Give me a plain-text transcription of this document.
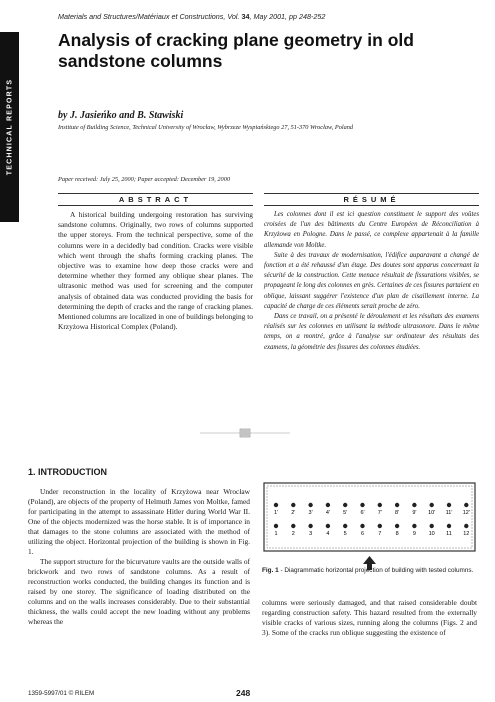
Materials and Structures/Matériaux et Constructions, Vol. 34, May 2001, pp 248-252
TECHNICAL REPORTS
Analysis of cracking plane geometry in old sandstone columns
by J. Jasieńko and B. Stawiski
Institute of Building Science, Technical University of Wrocław, Wybrzeze Wyspiańskiego 27, 51-370 Wrocław, Poland
Paper received: July 25, 2000; Paper accepted: December 19, 2000
ABSTRACT	RÉSUMÉ
A historical building undergoing restoration has surviving sandstone columns. Originally, two rows of columns supported the upper storeys. From the technical perspective, some of the columns were in a decidedly bad condition. Cracks were visible which went through the shafts forming cracking planes. The objective was to examine how deep those cracks were and determine whether they formed any oblique shear planes. The ultrasonic method was used for screening and the computer analysis of obtained data was conducted providing the basis for determining the depth of cracks and the range of cracking planes. Mentioned columns are localized in one of buildings belonging to Krzyżowa Historical Complex (Poland).

Les colonnes dont il est ici question constituent le support des voûtes croisées de l'un des bâtiments du Centre Européen de Réconciliation à Krzyżowa en Pologne. Dans le passé, ce complexe appartenait à la famille allemande von Moltke.

Suite à des travaux de modernisation, l'édifice auparavant a changé de fonction et a été rehaussé d'un étage. Des doutes sont apparus concernant la sécurité de la construction. Cette menace résultait de fissurations visibles, se propageant le long des colonnes en grès. Certaines de ces fissures partaient en oblique, laissant suggérer l'existence d'un plan de cisaillement interne. La capacité de charge de ces éléments serait proche de zéro.

Dans ce travail, on a présenté le déroulement et les résultats des examens réalisés sur les colonnes en utilisant la méthode ultrasonore. Dans le même temps, on a montré, grâce à l'analyse sur ordinateur des résultats des examens, la géométrie des fissures des colonnes étudiées.

1. INTRODUCTION

Under reconstruction in the locality of Krzyżowa near Wrocław (Poland), are objects of the property of Helmuth James von Moltke, famed for participating in the attempt to assassinate Hitler during World War II. One of the objects modernized was the horse stable. It is of importance in that damages to the stone columns are associated with the method of utilizing the object. Horizontal projection of the building is shown in Fig. 1.

The support structure for the bicurvature vaults are the outside walls of brickwork and two rows of sandstone columns. As a result of reconstruction works conducted, the building changes its function and is raised by one storey. The significance of loading distributed on the columns and on the walls increases considerably. Due to their substantial thickness, the walls could accept the new loading without any problems whereas the

1' 2' 3' 4' 5' 6' 7' 8' 9' 10' 11' 12'
1	2	3	4	5	6	7	8	9 10 11 12
Fig. 1 - Diagrammatic horizontal projection of building with tested columns.
columns were seriously damaged, and that raised considerable doubt regarding construction safety. This hazard resulted from the externally visible cracks of various sizes, running along the columns (Figs. 2 and 3). Some of the cracks run oblique suggesting the existence of
1359-5997/01 © RILEM	248
